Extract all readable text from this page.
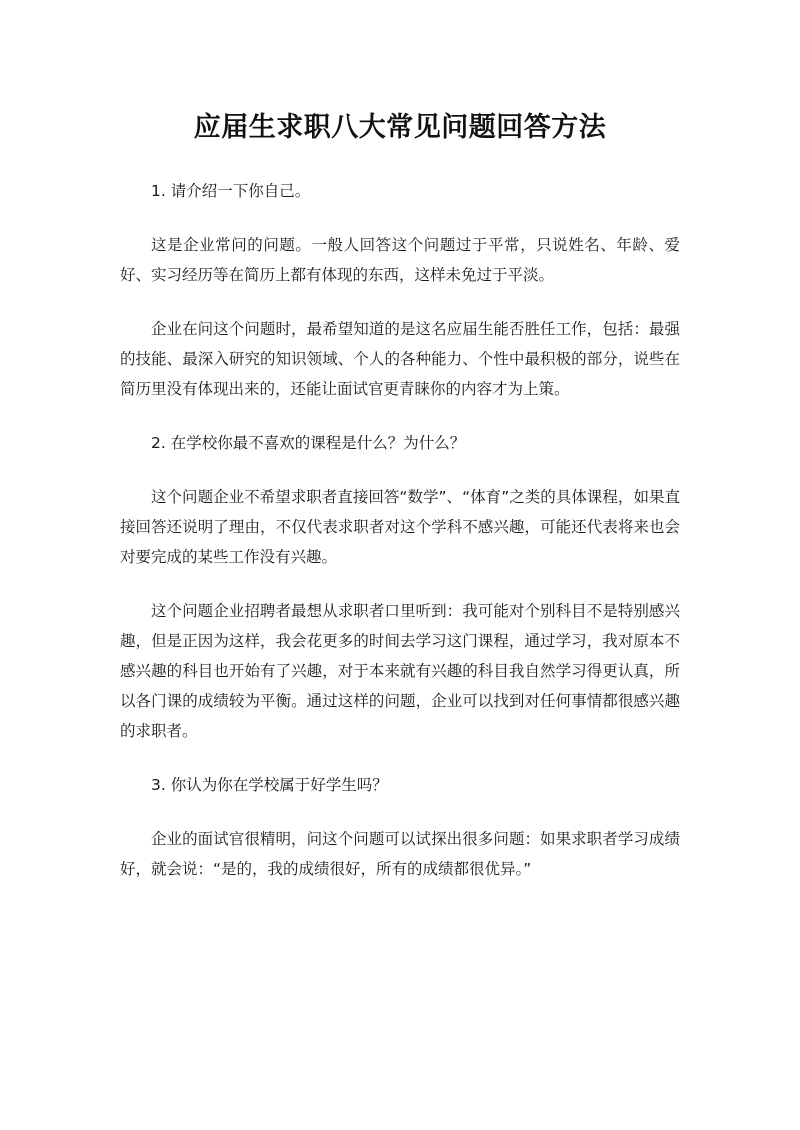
应届生求职八大常见问题回答方法

1. 请介绍一下你自己。

这是企业常问的问题。一般人回答这个问题过于平常，只说姓名、年龄、爱好、实习经历等在简历上都有体现的东西，这样未免过于平淡。

企业在问这个问题时，最希望知道的是这名应届生能否胜任工作，包括：最强的技能、最深入研究的知识领域、个人的各种能力、个性中最积极的部分，说些在简历里没有体现出来的，还能让面试官更青睐你的内容才为上策。

2. 在学校你最不喜欢的课程是什么？为什么？

这个问题企业不希望求职者直接回答“数学”、“体育”之类的具体课程，如果直接回答还说明了理由，不仅代表求职者对这个学科不感兴趣，可能还代表将来也会对要完成的某些工作没有兴趣。

这个问题企业招聘者最想从求职者口里听到：我可能对个别科目不是特别感兴趣，但是正因为这样，我会花更多的时间去学习这门课程，通过学习，我对原本不感兴趣的科目也开始有了兴趣，对于本来就有兴趣的科目我自然学习得更认真，所以各门课的成绩较为平衡。通过这样的问题，企业可以找到对任何事情都很感兴趣的求职者。

3. 你认为你在学校属于好学生吗？

企业的面试官很精明，问这个问题可以试探出很多问题：如果求职者学习成绩好，就会说：“是的，我的成绩很好，所有的成绩都很优异。”
